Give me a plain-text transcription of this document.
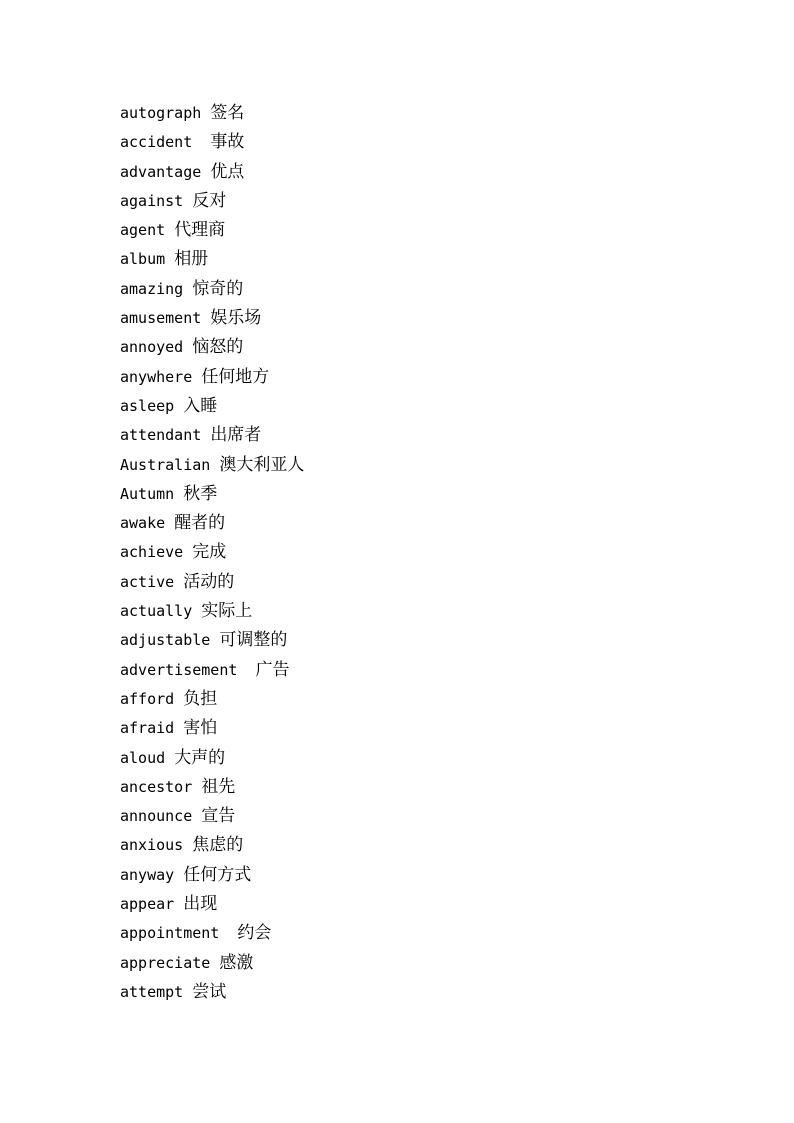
autograph 签名
accident 事故
advantage 优点
against 反对
agent 代理商
album 相册
amazing 惊奇的
amusement 娱乐场
annoyed 恼怒的
anywhere 任何地方
asleep 入睡
attendant 出席者
Australian 澳大利亚人
Autumn 秋季
awake 醒者的
achieve 完成
active 活动的
actually 实际上
adjustable 可调整的
advertisement 广告
afford 负担
afraid 害怕
aloud 大声的
ancestor 祖先
announce 宣告
anxious 焦虑的
anyway 任何方式
appear 出现
appointment 约会
appreciate 感激
attempt 尝试
